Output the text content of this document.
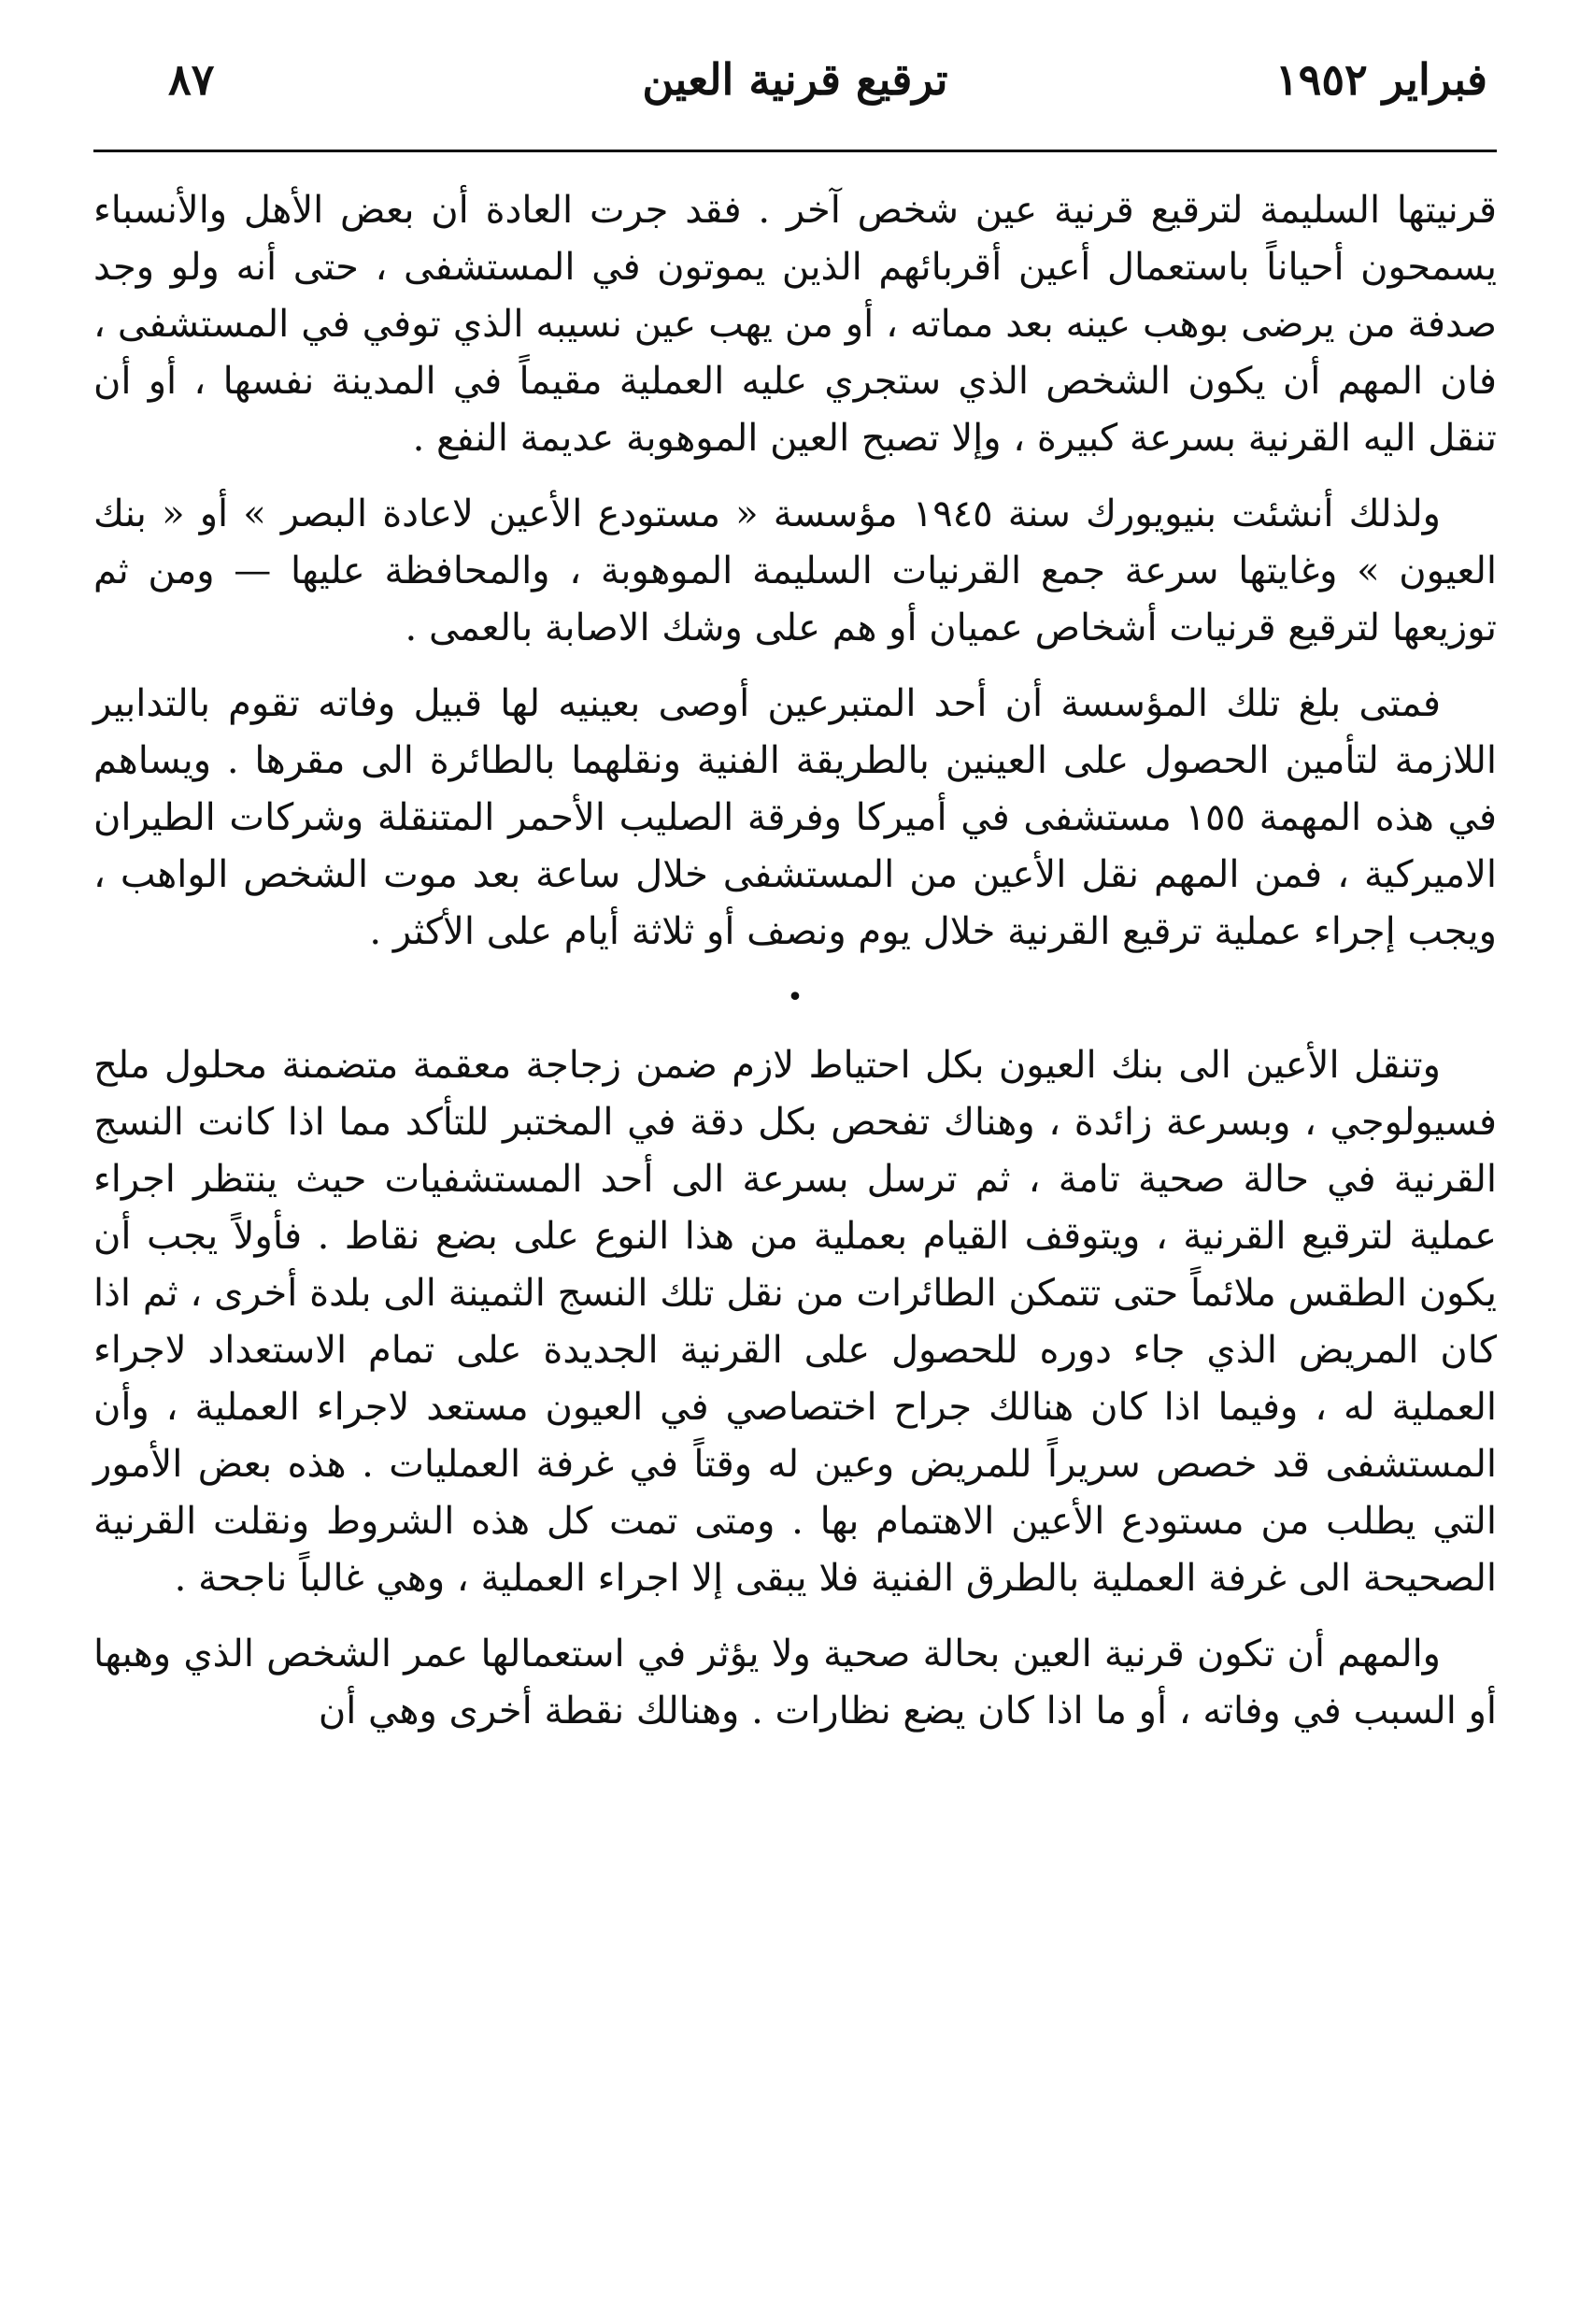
فبراير ١٩٥٢
ترقيع قرنية العين
٨٧

قرنيتها السليمة لترقيع قرنية عين شخص آخر . فقد جرت العادة أن بعض الأهل والأنسباء يسمحون أحياناً باستعمال أعين أقربائهم الذين يموتون في المستشفى ، حتى أنه ولو وجد صدفة من يرضى بوهب عينه بعد مماته ، أو من يهب عين نسيبه الذي توفي في المستشفى ، فان المهم أن يكون الشخص الذي ستجري عليه العملية مقيماً في المدينة نفسها ، أو أن تنقل اليه القرنية بسرعة كبيرة ، وإلا تصبح العين الموهوبة عديمة النفع .

ولذلك أنشئت بنيويورك سنة ١٩٤٥ مؤسسة « مستودع الأعين لاعادة البصر » أو « بنك العيون » وغايتها سرعة جمع القرنيات السليمة الموهوبة ، والمحافظة عليها — ومن ثم توزيعها لترقيع قرنيات أشخاص عميان أو هم على وشك الاصابة بالعمى .

فمتى بلغ تلك المؤسسة أن أحد المتبرعين أوصى بعينيه لها قبيل وفاته تقوم بالتدابير اللازمة لتأمين الحصول على العينين بالطريقة الفنية ونقلهما بالطائرة الى مقرها . ويساهم في هذه المهمة ١٥٥ مستشفى في أميركا وفرقة الصليب الأحمر المتنقلة وشركات الطيران الاميركية ، فمن المهم نقل الأعين من المستشفى خلال ساعة بعد موت الشخص الواهب ، ويجب إجراء عملية ترقيع القرنية خلال يوم ونصف أو ثلاثة أيام على الأكثر .

•

وتنقل الأعين الى بنك العيون بكل احتياط لازم ضمن زجاجة معقمة متضمنة محلول ملح فسيولوجي ، وبسرعة زائدة ، وهناك تفحص بكل دقة في المختبر للتأكد مما اذا كانت النسج القرنية في حالة صحية تامة ، ثم ترسل بسرعة الى أحد المستشفيات حيث ينتظر اجراء عملية لترقيع القرنية ، ويتوقف القيام بعملية من هذا النوع على بضع نقاط . فأولاً يجب أن يكون الطقس ملائماً حتى تتمكن الطائرات من نقل تلك النسج الثمينة الى بلدة أخرى ، ثم اذا كان المريض الذي جاء دوره للحصول على القرنية الجديدة على تمام الاستعداد لاجراء العملية له ، وفيما اذا كان هنالك جراح اختصاصي في العيون مستعد لاجراء العملية ، وأن المستشفى قد خصص سريراً للمريض وعين له وقتاً في غرفة العمليات . هذه بعض الأمور التي يطلب من مستودع الأعين الاهتمام بها . ومتى تمت كل هذه الشروط ونقلت القرنية الصحيحة الى غرفة العملية بالطرق الفنية فلا يبقى إلا اجراء العملية ، وهي غالباً ناجحة .

والمهم أن تكون قرنية العين بحالة صحية ولا يؤثر في استعمالها عمر الشخص الذي وهبها أو السبب في وفاته ، أو ما اذا كان يضع نظارات . وهنالك نقطة أخرى وهي أن
